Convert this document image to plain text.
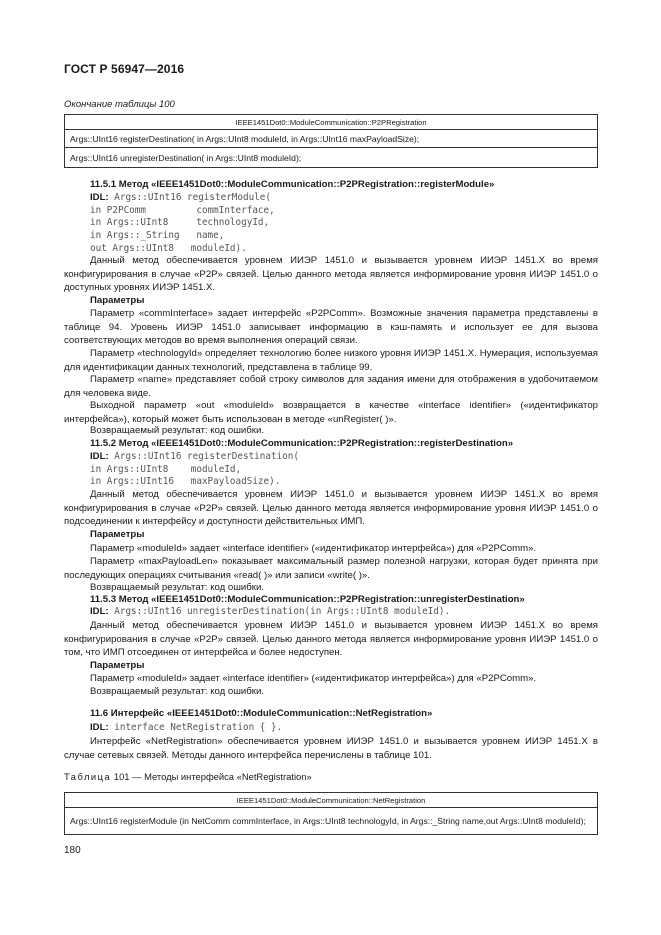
ГОСТ Р 56947—2016
Окончание таблицы 100
IEEE1451Dot0::ModuleCommunication::P2PRegistration
Args::UInt16 registerDestination( in Args::UInt8 moduleId, in Args::UInt16 maxPayloadSize);
Args::UInt16 unregisterDestination( in Args::UInt8 moduleId);

11.5.1 Метод «IEEE1451Dot0::ModuleCommunication::P2PRegistration::registerModule»

IDL: Args::UInt16 registerModule(
in P2PComm         commInterface,
in Args::UInt8     technologyId,
in Args::_String   name,
out Args::UInt8   moduleId).

Данный метод обеспечивается уровнем ИИЭР 1451.0 и вызывается уровнем ИИЭР 1451.X во время конфигурирования в случае «P2P» связей. Целью данного метода является информирование уровня ИИЭР 1451.0 о доступных уровнях ИИЭР 1451.X.

Параметры

Параметр «commInterface» задает интерфейс «P2PComm». Возможные значения параметра представлены в таблице 94. Уровень ИИЭР 1451.0 записывает информацию в кэш-память и использует ее для вызова соответствующих методов во время выполнения операций связи.

Параметр «technologyId» определяет технологию более низкого уровня ИИЭР 1451.X. Нумерация, используемая для идентификации данных технологий, представлена в таблице 99.

Параметр «name» представляет собой строку символов для задания имени для отображения в удобочитаемом для человека виде.

Выходной параметр «out «moduleId» возвращается в качестве «interface identifier» («идентификатор интерфейса»), который может быть использован в методе «unRegister( )».

Возвращаемый результат: код ошибки.

11.5.2 Метод «IEEE1451Dot0::ModuleCommunication::P2PRegistration::registerDestination»

IDL: Args::UInt16 registerDestination(
in Args::UInt8    moduleId,
in Args::UInt16   maxPayloadSize).

Данный метод обеспечивается уровнем ИИЭР 1451.0 и вызывается уровнем ИИЭР 1451.X во время конфигурирования в случае «P2P» связей. Целью данного метода является информирование уровня ИИЭР 1451.0 о подсоединении к интерфейсу и доступности действительных ИМП.

Параметры

Параметр «moduleId» задает «interface identifier» («идентификатор интерфейса») для «P2PComm».

Параметр «maxPayloadLen» показывает максимальный размер полезной нагрузки, которая будет принята при последующих операциях считывания «read( )» или записи «write( )».

Возвращаемый результат: код ошибки.

11.5.3 Метод «IEEE1451Dot0::ModuleCommunication::P2PRegistration::unregisterDestination»

IDL: Args::UInt16 unregisterDestination(in Args::UInt8 moduleId).

Данный метод обеспечивается уровнем ИИЭР 1451.0 и вызывается уровнем ИИЭР 1451.X во время конфигурирования в случае «P2P» связей. Целью данного метода является информирование уровня ИИЭР 1451.0 о том, что ИМП отсоединен от интерфейса и более недоступен.

Параметры

Параметр «moduleId» задает «interface identifier» («идентификатор интерфейса») для «P2PComm».

Возвращаемый результат: код ошибки.

11.6 Интерфейс «IEEE1451Dot0::ModuleCommunication::NetRegistration»

IDL: interface NetRegistration { }.

Интерфейс «NetRegistration» обеспечивается уровнем ИИЭР 1451.0 и вызывается уровнем ИИЭР 1451.X в случае сетевых связей. Методы данного интерфейса перечислены в таблице 101.

Таблица 101 — Методы интерфейса «NetRegistration»
IEEE1451Dot0::ModuleCommunication::NetRegistration
Args::UInt16 registerModule (in NetComm commInterface, in Args::UInt8 technologyId, in Args::_String name,out Args::UInt8 moduleId);
180
